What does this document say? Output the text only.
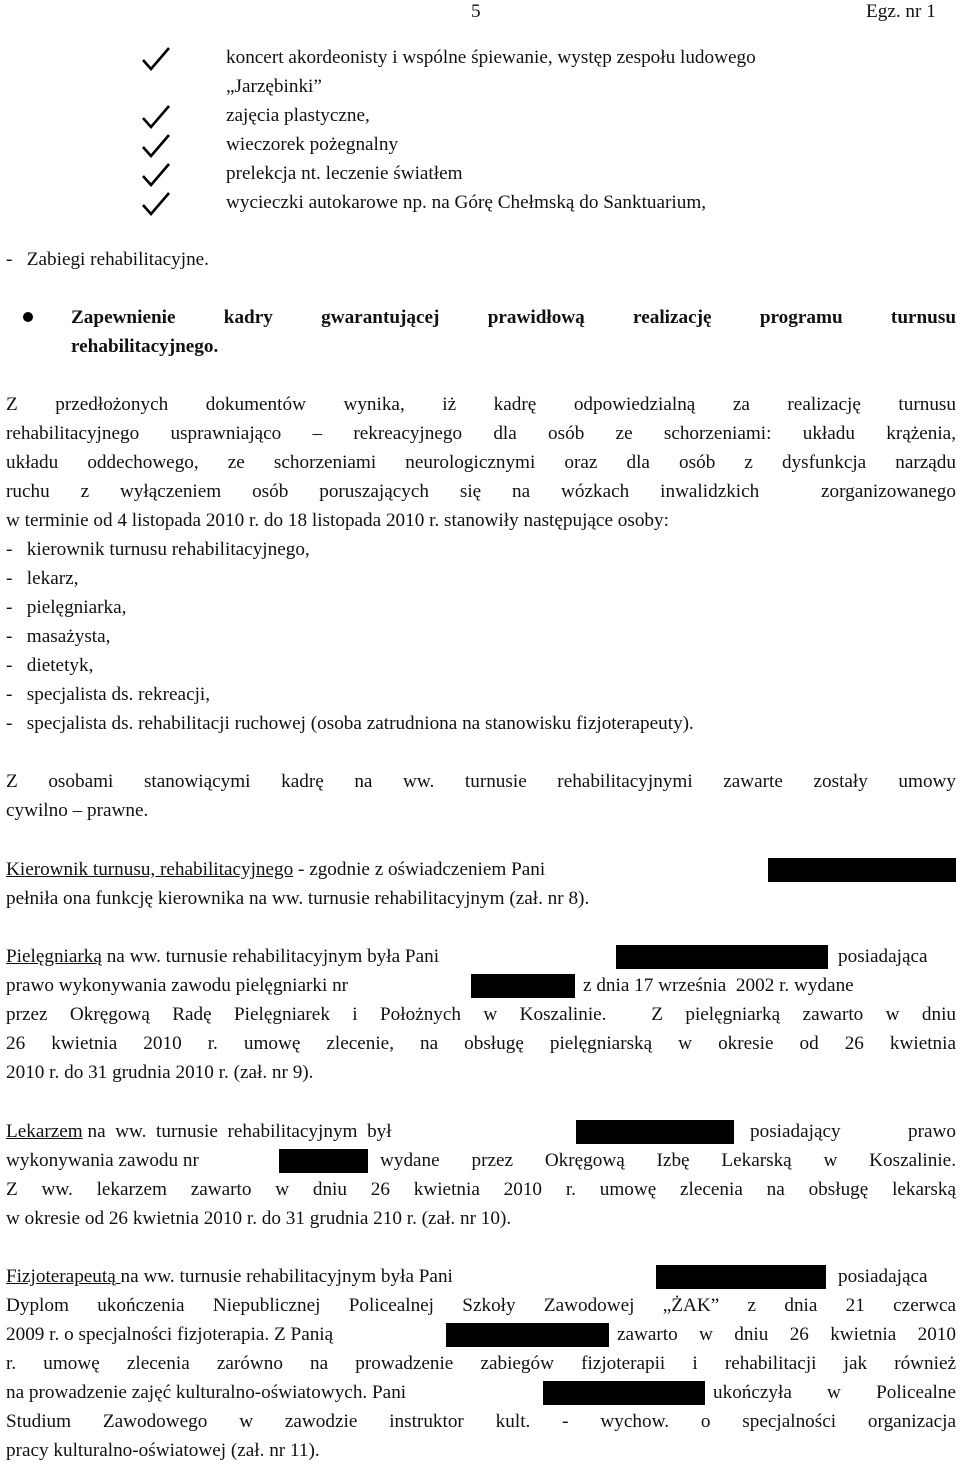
5	Egz. nr 1
koncert akordeonisty i wspólne śpiewanie, występ zespołu ludowego
„Jarzębinki”
zajęcia plastyczne,
wieczorek pożegnalny
prelekcja nt. leczenie światłem
wycieczki autokarowe np. na Górę Chełmską do Sanktuarium,
-   Zabiegi rehabilitacyjne.
Zapewnienie kadry gwarantującej prawidłową realizację programu turnusu
rehabilitacyjnego.
Z przedłożonych dokumentów wynika, iż kadrę odpowiedzialną za realizację turnusu
rehabilitacyjnego usprawniająco – rekreacyjnego dla osób ze schorzeniami: układu krążenia,
układu oddechowego, ze schorzeniami neurologicznymi oraz dla osób z dysfunkcja narządu
ruchu z wyłączeniem osób poruszających się na wózkach inwalidzkich  zorganizowanego
w terminie od 4 listopada 2010 r. do 18 listopada 2010 r. stanowiły następujące osoby:
-   kierownik turnusu rehabilitacyjnego,
-   lekarz,
-   pielęgniarka,
-   masażysta,
-   dietetyk,
-   specjalista ds. rekreacji,
-   specjalista ds. rehabilitacji ruchowej (osoba zatrudniona na stanowisku fizjoterapeuty).
Z osobami stanowiącymi kadrę na ww. turnusie rehabilitacyjnymi zawarte zostały umowy
cywilno – prawne.
Kierownik turnusu, rehabilitacyjnego - zgodnie z oświadczeniem Pani
pełniła ona funkcję kierownika na ww. turnusie rehabilitacyjnym (zał. nr 8).
Pielęgniarką na ww. turnusie rehabilitacyjnym była Pani	posiadająca
prawo wykonywania zawodu pielęgniarki nr	z dnia 17 września  2002 r. wydane
przez Okręgową Radę Pielęgniarek i Położnych w Koszalinie.  Z pielęgniarką zawarto w dniu
26 kwietnia 2010 r. umowę zlecenie, na obsługę pielęgniarską w okresie od 26 kwietnia
2010 r. do 31 grudnia 2010 r. (zał. nr 9).
Lekarzem na  ww.  turnusie  rehabilitacyjnym  był	posiadający prawo
wykonywania zawodu nr	wydane przez Okręgową Izbę Lekarską w Koszalinie.
Z ww. lekarzem zawarto w dniu 26 kwietnia 2010 r. umowę zlecenia na obsługę lekarską
w okresie od 26 kwietnia 2010 r. do 31 grudnia 210 r. (zał. nr 10).
Fizjoterapeutą na ww. turnusie rehabilitacyjnym była Pani	posiadająca
Dyplom ukończenia Niepublicznej Policealnej Szkoły Zawodowej „ŻAK” z dnia 21 czerwca
2009 r. o specjalności fizjoterapia. Z Panią	zawarto w dniu 26 kwietnia 2010
r. umowę zlecenia zarówno na prowadzenie zabiegów fizjoterapii i rehabilitacji jak również
na prowadzenie zajęć kulturalno-oświatowych. Pani	ukończyła w Policealne
Studium Zawodowego w zawodzie instruktor kult. - wychow. o specjalności organizacja
pracy kulturalno-oświatowej (zał. nr 11).
